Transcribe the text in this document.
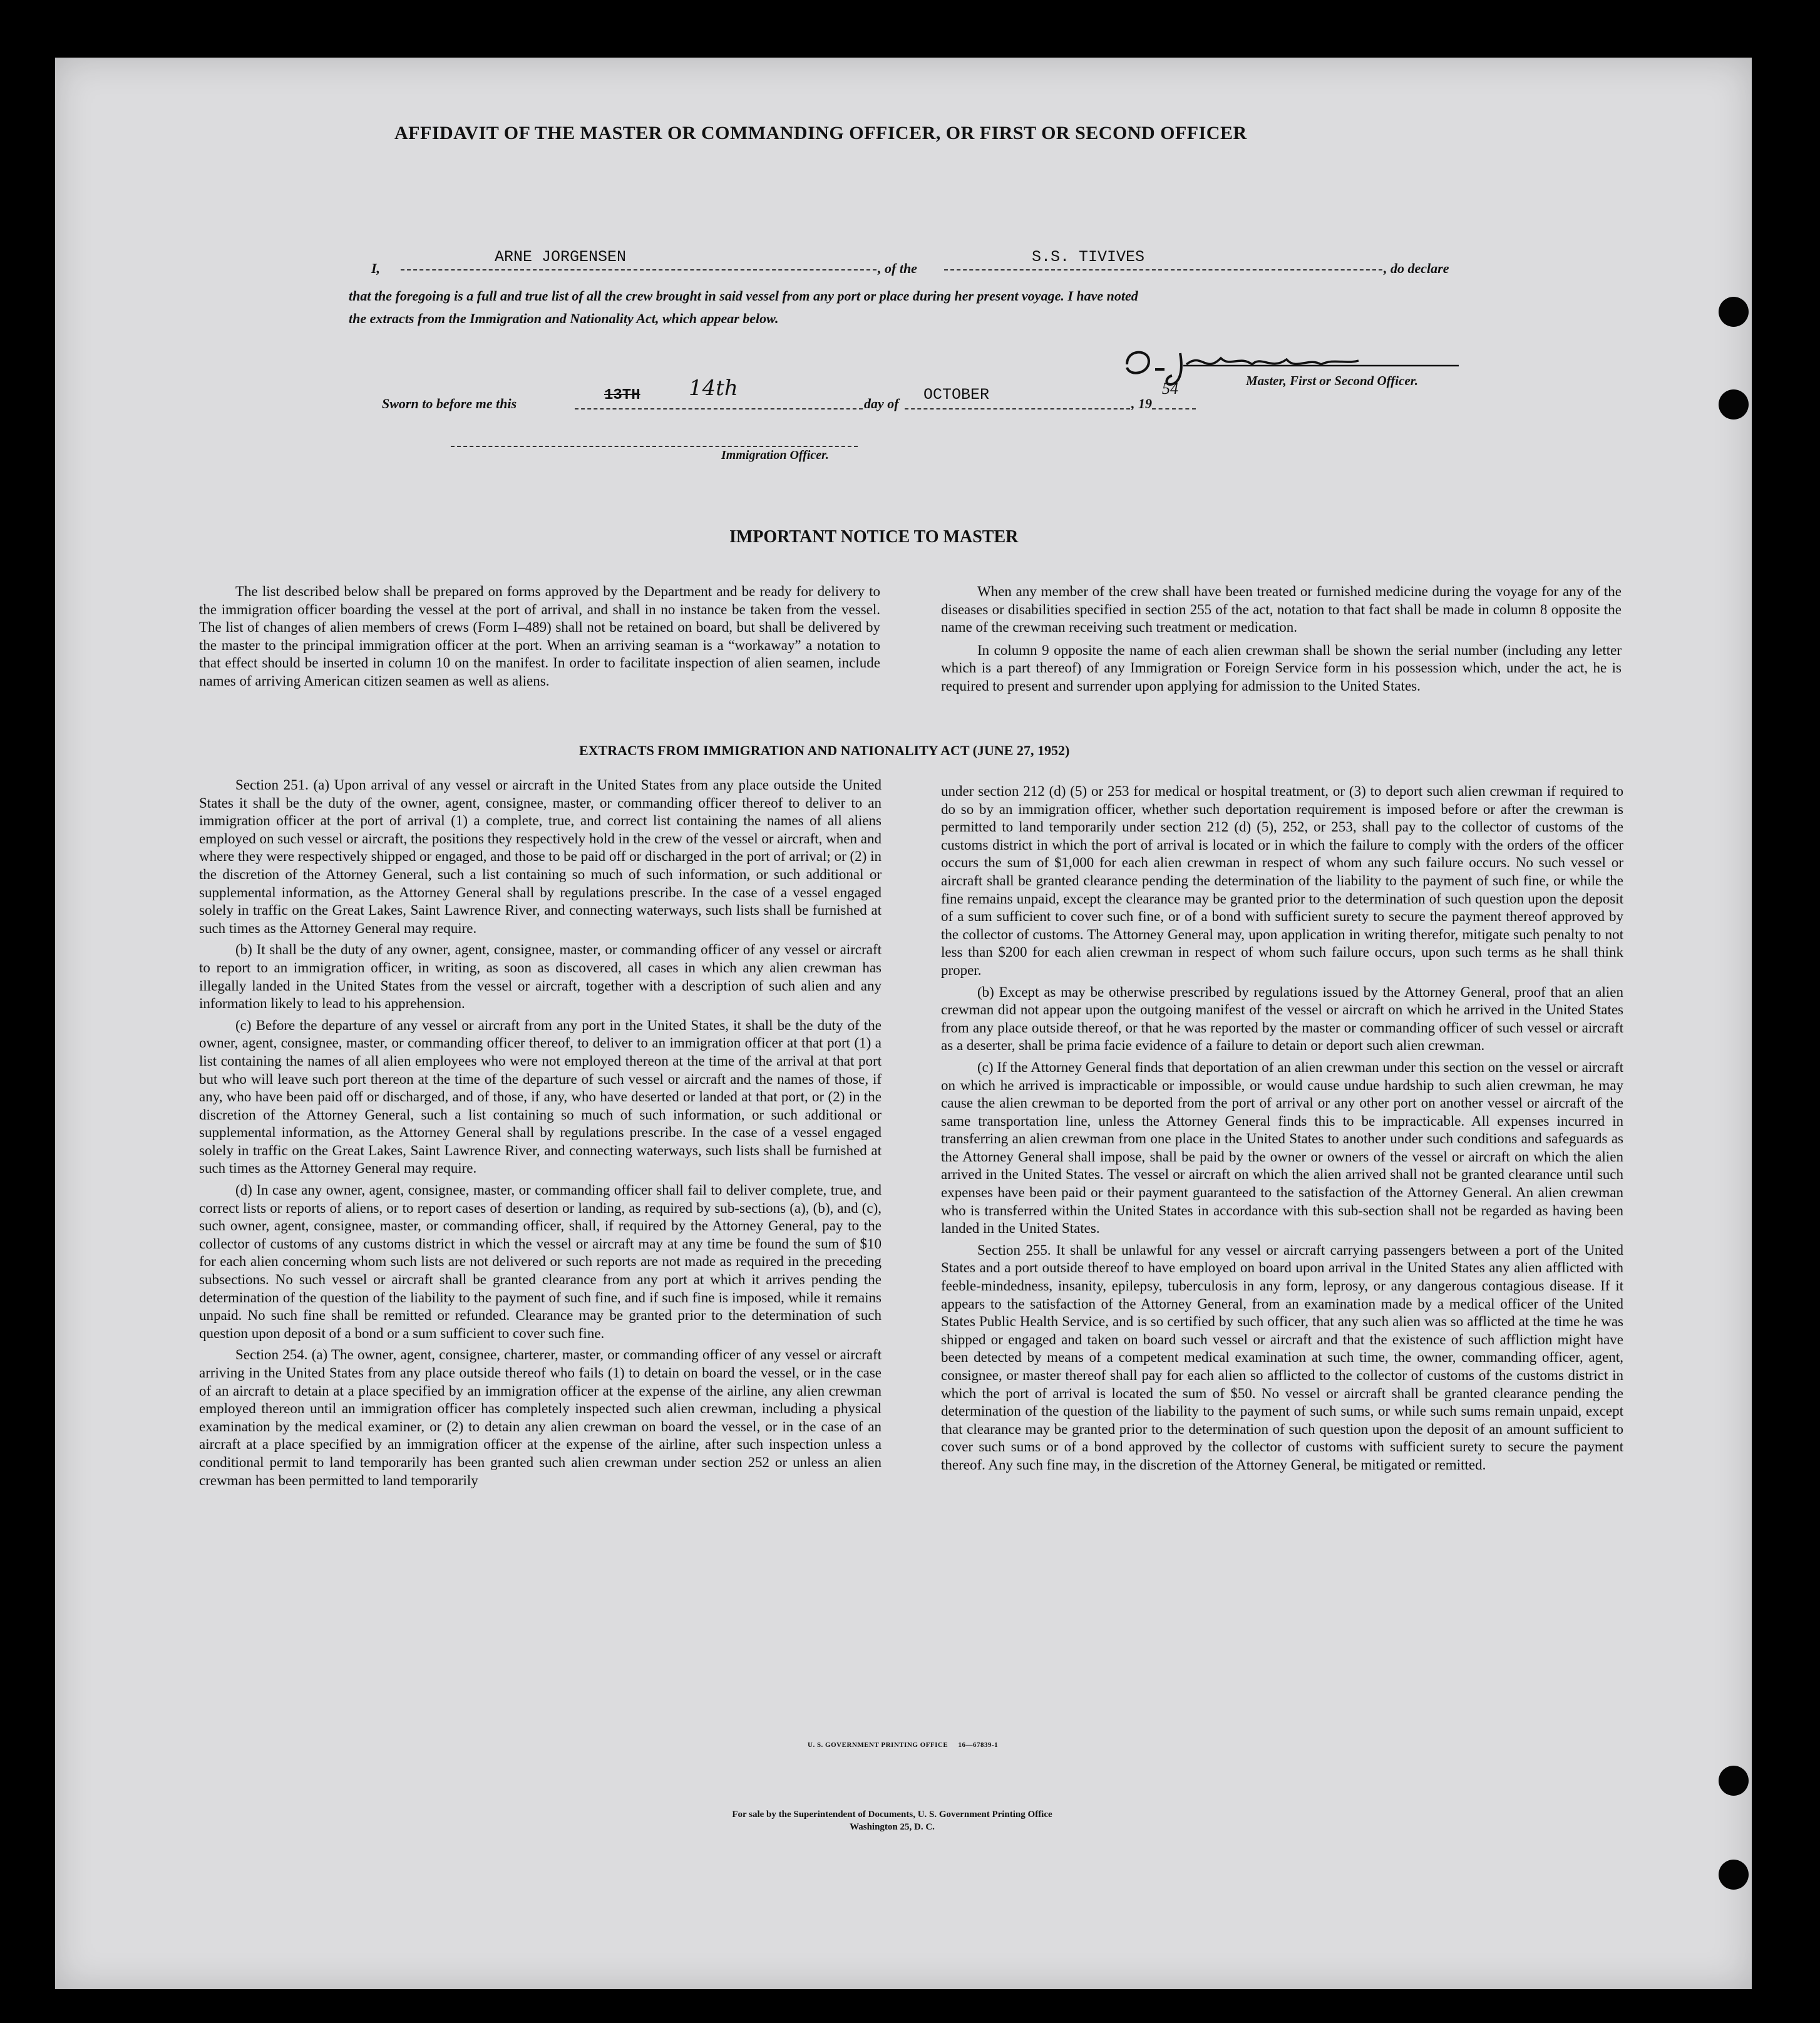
AFFIDAVIT OF THE MASTER OR COMMANDING OFFICER, OR FIRST OR SECOND OFFICER
I,
ARNE JORGENSEN
, of the
S.S. TIVIVES
, do declare
that the foregoing is a full and true list of all the crew brought in said vessel from any port or place during her present voyage. I have noted
the extracts from the Immigration and Nationality Act, which appear below.
Master, First or Second Officer.
Sworn to before me this	13TH 14th
day of OCTOBER	, 19
54
Immigration Officer.
IMPORTANT NOTICE TO MASTER

The list described below shall be prepared on forms approved by the Department and be ready for delivery to the immigration officer boarding the vessel at the port of arrival, and shall in no instance be taken from the vessel. The list of changes of alien members of crews (Form I–489) shall not be retained on board, but shall be delivered by the master to the principal immigration officer at the port. When an arriving seaman is a “workaway” a notation to that effect should be inserted in column 10 on the manifest. In order to facilitate inspection of alien seamen, include names of arriving American citizen seamen as well as aliens.

When any member of the crew shall have been treated or furnished medicine during the voyage for any of the diseases or disabilities specified in section 255 of the act, notation to that fact shall be made in column 8 opposite the name of the crewman receiving such treatment or medication.

In column 9 opposite the name of each alien crewman shall be shown the serial number (including any letter which is a part thereof) of any Immigration or Foreign Service form in his possession which, under the act, he is required to present and surrender upon applying for admission to the United States.

EXTRACTS FROM IMMIGRATION AND NATIONALITY ACT (JUNE 27, 1952)

Section 251. (a) Upon arrival of any vessel or aircraft in the United States from any place outside the United States it shall be the duty of the owner, agent, consignee, master, or commanding officer thereof to deliver to an immigration officer at the port of arrival (1) a complete, true, and correct list containing the names of all aliens employed on such vessel or aircraft, the positions they respectively hold in the crew of the vessel or aircraft, when and where they were respectively shipped or engaged, and those to be paid off or discharged in the port of arrival; or (2) in the discretion of the Attorney General, such a list containing so much of such information, or such additional or supplemental information, as the Attorney General shall by regulations prescribe. In the case of a vessel engaged solely in traffic on the Great Lakes, Saint Lawrence River, and connecting waterways, such lists shall be furnished at such times as the Attorney General may require.

(b) It shall be the duty of any owner, agent, consignee, master, or commanding officer of any vessel or aircraft to report to an immigration officer, in writing, as soon as discovered, all cases in which any alien crewman has illegally landed in the United States from the vessel or aircraft, together with a description of such alien and any information likely to lead to his apprehension.

(c) Before the departure of any vessel or aircraft from any port in the United States, it shall be the duty of the owner, agent, consignee, master, or commanding officer thereof, to deliver to an immigration officer at that port (1) a list containing the names of all alien employees who were not employed thereon at the time of the arrival at that port but who will leave such port thereon at the time of the departure of such vessel or aircraft and the names of those, if any, who have been paid off or discharged, and of those, if any, who have deserted or landed at that port, or (2) in the discretion of the Attorney General, such a list containing so much of such information, or such additional or supplemental information, as the Attorney General shall by regulations prescribe. In the case of a vessel engaged solely in traffic on the Great Lakes, Saint Lawrence River, and connecting waterways, such lists shall be furnished at such times as the Attorney General may require.

(d) In case any owner, agent, consignee, master, or commanding officer shall fail to deliver complete, true, and correct lists or reports of aliens, or to report cases of desertion or landing, as required by sub-sections (a), (b), and (c), such owner, agent, consignee, master, or commanding officer, shall, if required by the Attorney General, pay to the collector of customs of any customs district in which the vessel or aircraft may at any time be found the sum of $10 for each alien concerning whom such lists are not delivered or such reports are not made as required in the preceding subsections. No such vessel or aircraft shall be granted clearance from any port at which it arrives pending the determination of the question of the liability to the payment of such fine, and if such fine is imposed, while it remains unpaid. No such fine shall be remitted or refunded. Clearance may be granted prior to the determination of such question upon deposit of a bond or a sum sufficient to cover such fine.

Section 254. (a) The owner, agent, consignee, charterer, master, or commanding officer of any vessel or aircraft arriving in the United States from any place outside thereof who fails (1) to detain on board the vessel, or in the case of an aircraft to detain at a place specified by an immigration officer at the expense of the airline, any alien crewman employed thereon until an immigration officer has completely inspected such alien crewman, including a physical examination by the medical examiner, or (2) to detain any alien crewman on board the vessel, or in the case of an aircraft at a place specified by an immigration officer at the expense of the airline, after such inspection unless a conditional permit to land temporarily has been granted such alien crewman under section 252 or unless an alien crewman has been permitted to land temporarily

under section 212 (d) (5) or 253 for medical or hospital treatment, or (3) to deport such alien crewman if required to do so by an immigration officer, whether such deportation requirement is imposed before or after the crewman is permitted to land temporarily under section 212 (d) (5), 252, or 253, shall pay to the collector of customs of the customs district in which the port of arrival is located or in which the failure to comply with the orders of the officer occurs the sum of $1,000 for each alien crewman in respect of whom any such failure occurs. No such vessel or aircraft shall be granted clearance pending the determination of the liability to the payment of such fine, or while the fine remains unpaid, except the clearance may be granted prior to the determination of such question upon the deposit of a sum sufficient to cover such fine, or of a bond with sufficient surety to secure the payment thereof approved by the collector of customs. The Attorney General may, upon application in writing therefor, mitigate such penalty to not less than $200 for each alien crewman in respect of whom such failure occurs, upon such terms as he shall think proper.

(b) Except as may be otherwise prescribed by regulations issued by the Attorney General, proof that an alien crewman did not appear upon the outgoing manifest of the vessel or aircraft on which he arrived in the United States from any place outside thereof, or that he was reported by the master or commanding officer of such vessel or aircraft as a deserter, shall be prima facie evidence of a failure to detain or deport such alien crewman.

(c) If the Attorney General finds that deportation of an alien crewman under this section on the vessel or aircraft on which he arrived is impracticable or impossible, or would cause undue hardship to such alien crewman, he may cause the alien crewman to be deported from the port of arrival or any other port on another vessel or aircraft of the same transportation line, unless the Attorney General finds this to be impracticable. All expenses incurred in transferring an alien crewman from one place in the United States to another under such conditions and safeguards as the Attorney General shall impose, shall be paid by the owner or owners of the vessel or aircraft on which the alien arrived in the United States. The vessel or aircraft on which the alien arrived shall not be granted clearance until such expenses have been paid or their payment guaranteed to the satisfaction of the Attorney General. An alien crewman who is transferred within the United States in accordance with this sub-section shall not be regarded as having been landed in the United States.

Section 255. It shall be unlawful for any vessel or aircraft carrying passengers between a port of the United States and a port outside thereof to have employed on board upon arrival in the United States any alien afflicted with feeble-mindedness, insanity, epilepsy, tuberculosis in any form, leprosy, or any dangerous contagious disease. If it appears to the satisfaction of the Attorney General, from an examination made by a medical officer of the United States Public Health Service, and is so certified by such officer, that any such alien was so afflicted at the time he was shipped or engaged and taken on board such vessel or aircraft and that the existence of such affliction might have been detected by means of a competent medical examination at such time, the owner, commanding officer, agent, consignee, or master thereof shall pay for each alien so afflicted to the collector of customs of the customs district in which the port of arrival is located the sum of $50. No vessel or aircraft shall be granted clearance pending the determination of the question of the liability to the payment of such sums, or while such sums remain unpaid, except that clearance may be granted prior to the determination of such question upon the deposit of an amount sufficient to cover such sums or of a bond approved by the collector of customs with sufficient surety to secure the payment thereof. Any such fine may, in the discretion of the Attorney General, be mitigated or remitted.

U. S. GOVERNMENT PRINTING OFFICE     16—67839-1
For sale by the Superintendent of Documents, U. S. Government Printing Office
Washington 25, D. C.
